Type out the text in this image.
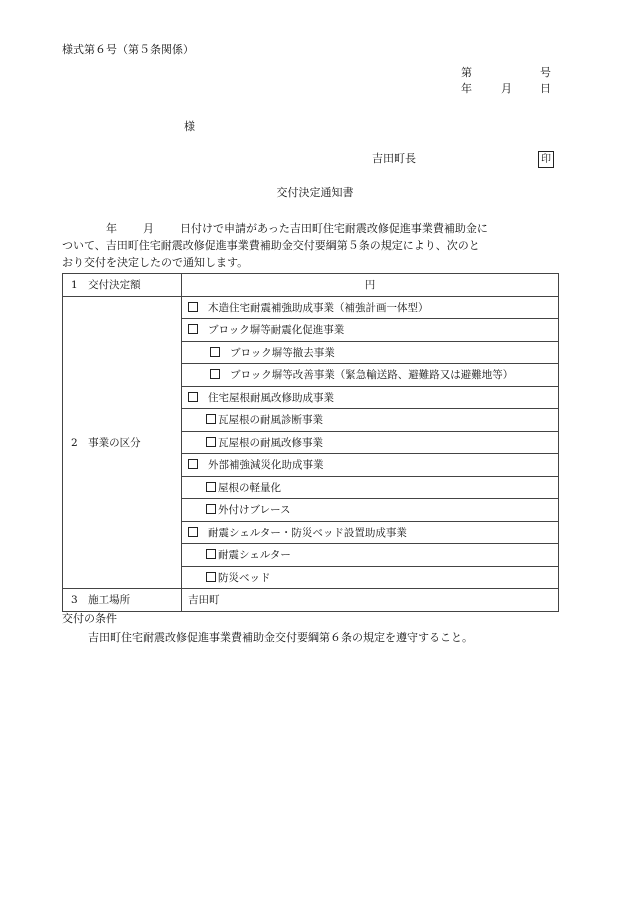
様式第６号（第５条関係）
第	号
年	月	日
様
吉田町長	印
交付決定通知書
年 月 日付けで申請があった吉田町住宅耐震改修促進事業費補助金に
ついて、吉田町住宅耐震改修促進事業費補助金交付要綱第５条の規定により、次のと
おり交付を決定したので通知します。
1　交付決定額	円
2　事業の区分	木造住宅耐震補強助成事業（補強計画一体型）
	ブロック塀等耐震化促進事業
	ブロック塀等撤去事業
	ブロック塀等改善事業（緊急輸送路、避難路又は避難地等）
	住宅屋根耐風改修助成事業
	瓦屋根の耐風診断事業
	瓦屋根の耐風改修事業
	外部補強減災化助成事業
	屋根の軽量化
	外付けブレース
	耐震シェルター・防災ベッド設置助成事業
	耐震シェルター
	防災ベッド
3　施工場所	吉田町
交付の条件
吉田町住宅耐震改修促進事業費補助金交付要綱第６条の規定を遵守すること。
